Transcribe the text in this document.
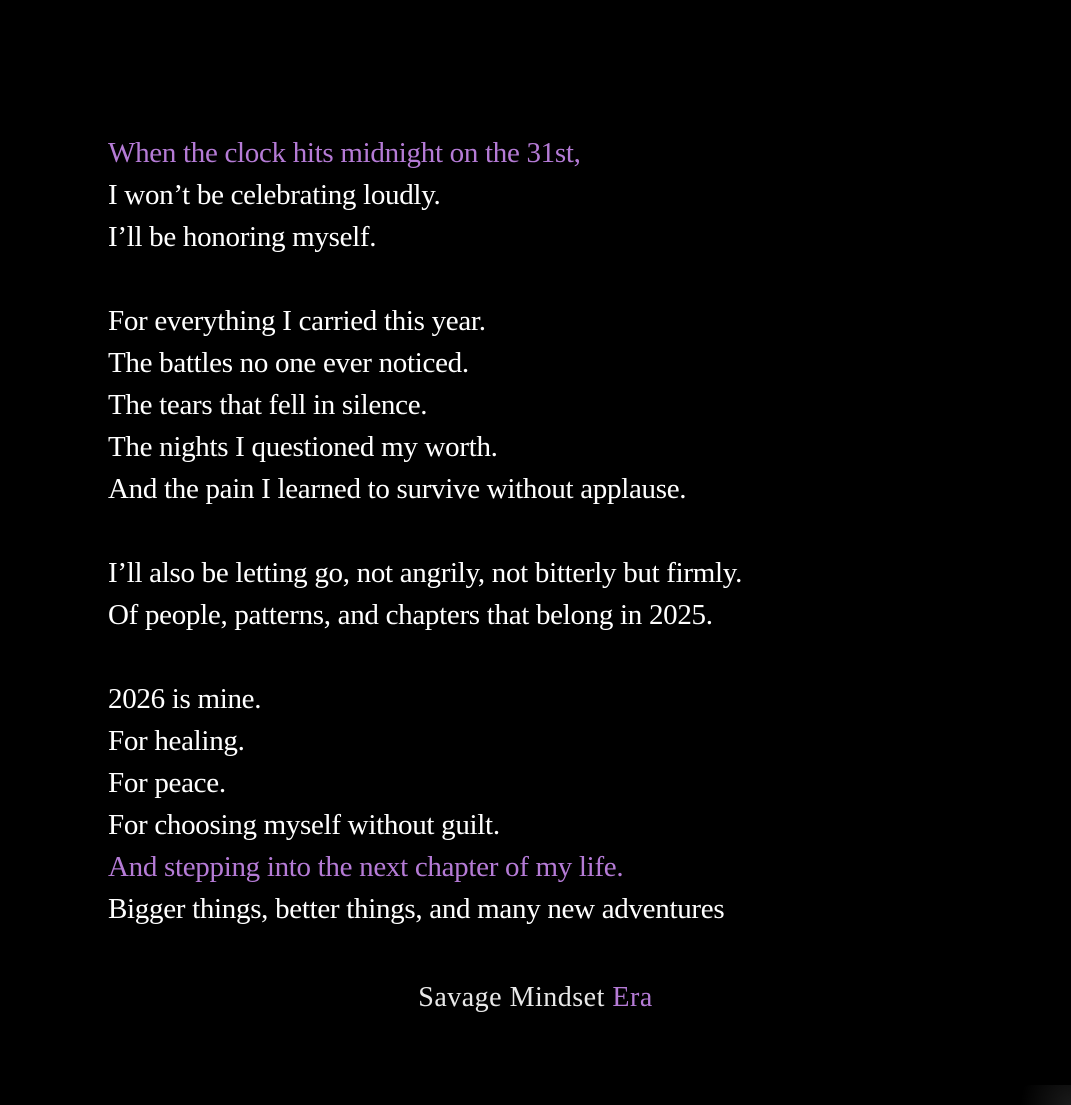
When the clock hits midnight on the 31st,
I won’t be celebrating loudly.
I’ll be honoring myself.
For everything I carried this year.
The battles no one ever noticed.
The tears that fell in silence.
The nights I questioned my worth.
And the pain I learned to survive without applause.
I’ll also be letting go, not angrily, not bitterly but firmly.
Of people, patterns, and chapters that belong in 2025.
2026 is mine.
For healing.
For peace.
For choosing myself without guilt.
And stepping into the next chapter of my life.
Bigger things, better things, and many new adventures
Savage Mindset Era
